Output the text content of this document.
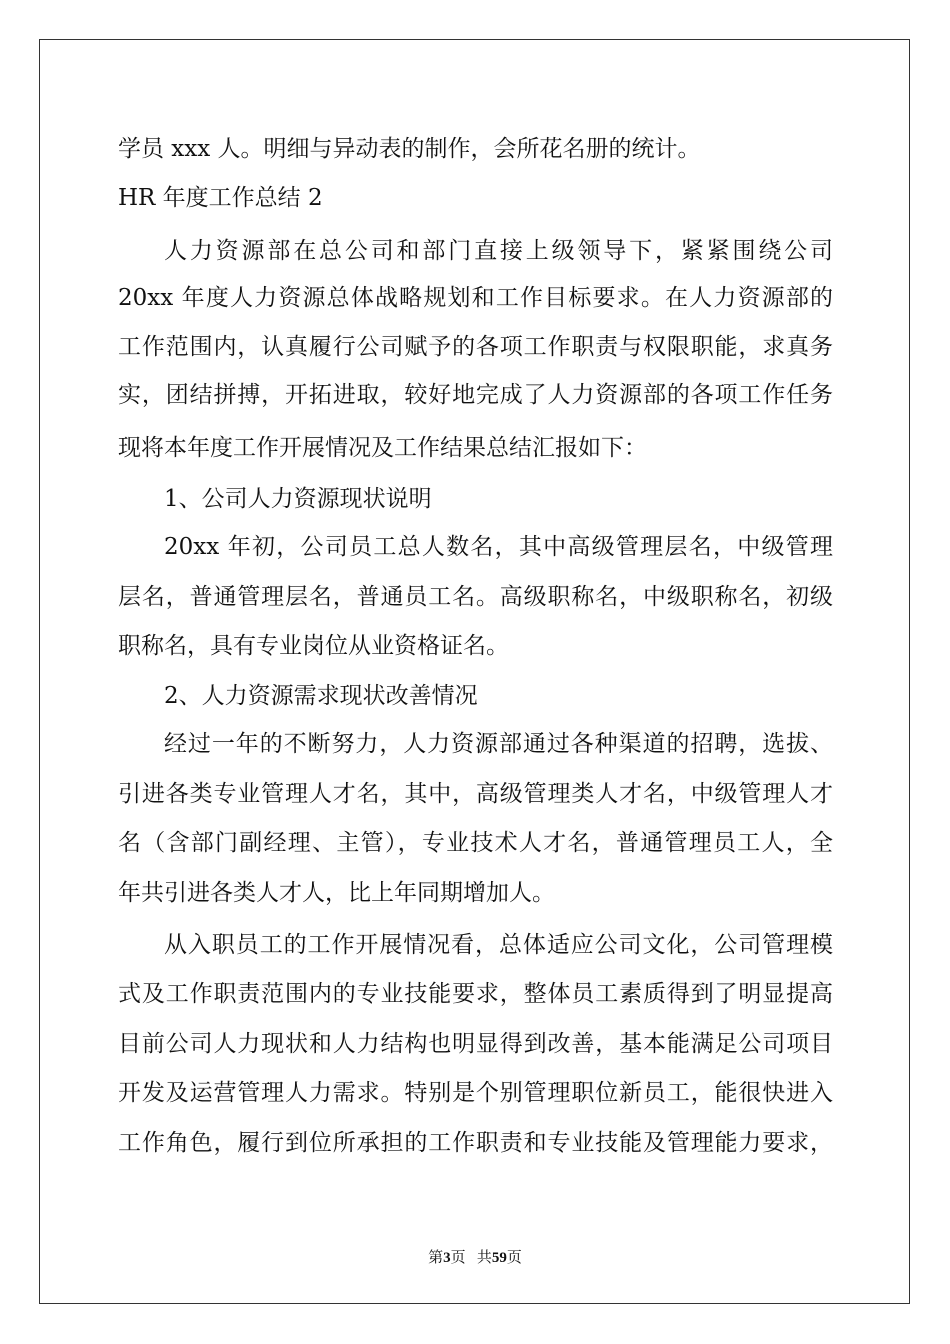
学员 xxx 人。明细与异动表的制作，会所花名册的统计。
HR 年度工作总结 2
人力资源部在总公司和部门直接上级领导下，紧紧围绕公司
20xx 年度人力资源总体战略规划和工作目标要求。在人力资源部的
工作范围内，认真履行公司赋予的各项工作职责与权限职能，求真务
实，团结拼搏，开拓进取，较好地完成了人力资源部的各项工作任务
现将本年度工作开展情况及工作结果总结汇报如下：
1、公司人力资源现状说明
20xx 年初，公司员工总人数名，其中高级管理层名，中级管理
层名，普通管理层名，普通员工名。高级职称名，中级职称名，初级
职称名，具有专业岗位从业资格证名。
2、人力资源需求现状改善情况
经过一年的不断努力，人力资源部通过各种渠道的招聘，选拔、
引进各类专业管理人才名，其中，高级管理类人才名，中级管理人才
名（含部门副经理、主管），专业技术人才名，普通管理员工人，全
年共引进各类人才人，比上年同期增加人。
从入职员工的工作开展情况看，总体适应公司文化，公司管理模
式及工作职责范围内的专业技能要求，整体员工素质得到了明显提高
目前公司人力现状和人力结构也明显得到改善，基本能满足公司项目
开发及运营管理人力需求。特别是个别管理职位新员工，能很快进入
工作角色，履行到位所承担的工作职责和专业技能及管理能力要求，
第3页 共59页
